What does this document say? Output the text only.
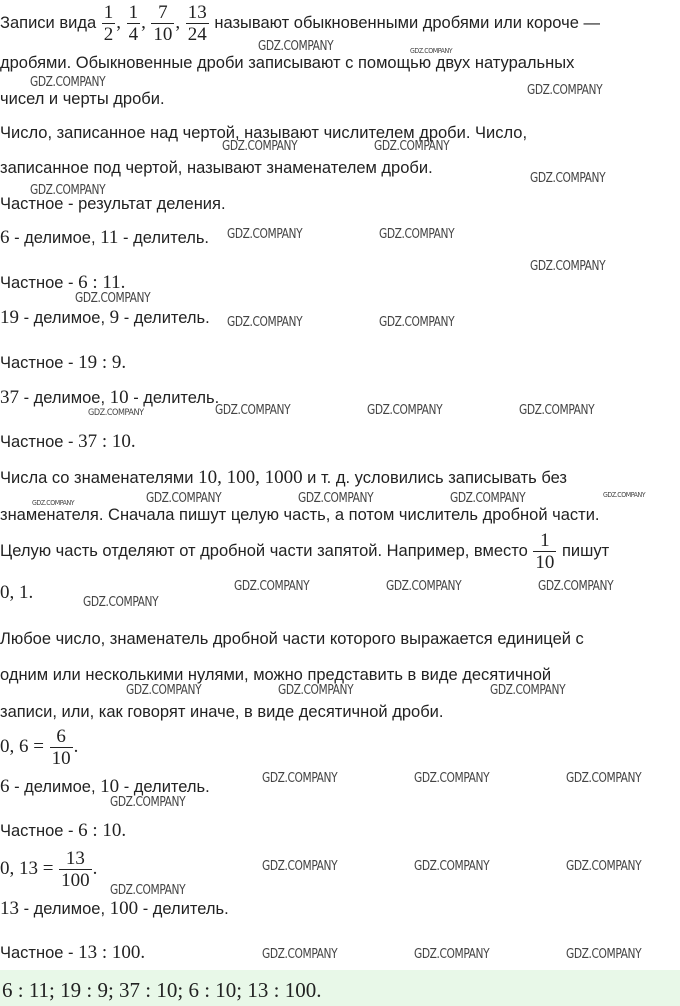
Записи вида $\frac{1}{2}$ , $\frac{1}{4}$ , $\frac{7}{10}$ , $\frac{13}{24}$ называют обыкновенными дробями или короче —
дробями. Обыкновенные дроби записывают с помощью двух натуральных
чисел и черты дроби.
Число, записанное над чертой, называют числителем дроби. Число,
записанное под чертой, называют знаменателем дроби.
Частное - результат деления.
6 - делимое, 11 - делитель.
Частное - 6 : 11.
19 - делимое, 9 - делитель.
Частное - 19 : 9.
37 - делимое, 10 - делитель.
Частное - 37 : 10.
Числа со знаменателями 10, 100, 1000 и т. д. условились записывать без
знаменателя. Сначала пишут целую часть, а потом числитель дробной части.
Целую часть отделяют от дробной части запятой. Например, вместо $\frac{1}{10}$ пишут
0, 1.
Любое число, знаменатель дробной части которого выражается единицей с
одним или несколькими нулями, можно представить в виде десятичной
записи, или, как говорят иначе, в виде десятичной дроби.
0, $6 = \frac{6}{10}$ .
6 - делимое, 10 - делитель.
Частное - 6 : 10.
0, $13 = \frac{13}{100}$ .
13 - делимое, 100 - делитель.
Частное - 13 : 100.
6 : 11; 19 : 9; 37 : 10; 6 : 10; 13 : 100.
GDZ.COMPANY	GDZ.COMPANY
GDZ.COMPANY
GDZ.COMPANY
GDZ.COMPANY	GDZ.COMPANY
GDZ.COMPANY
GDZ.COMPANY
GDZ.COMPANY	GDZ.COMPANY
GDZ.COMPANY
GDZ.COMPANY
GDZ.COMPANY	GDZ.COMPANY
GDZ.COMPANY	GDZ.COMPANY	GDZ.COMPANY	GDZ.COMPANY
GDZ.COMPANY	GDZ.COMPANY	GDZ.COMPANY	GDZ.COMPANY	GDZ.COMPANY
GDZ.COMPANY	GDZ.COMPANY	GDZ.COMPANY
GDZ.COMPANY
GDZ.COMPANY	GDZ.COMPANY	GDZ.COMPANY
GDZ.COMPANY	GDZ.COMPANY	GDZ.COMPANY
GDZ.COMPANY
GDZ.COMPANY	GDZ.COMPANY	GDZ.COMPANY
GDZ.COMPANY
GDZ.COMPANY	GDZ.COMPANY	GDZ.COMPANY
